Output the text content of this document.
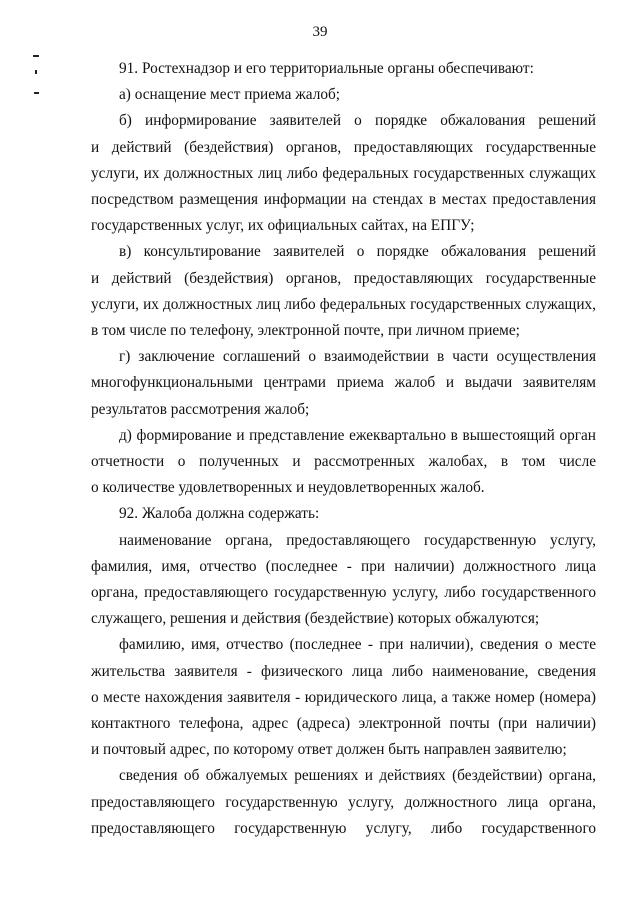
39

91. Ростехнадзор и его территориальные органы обеспечивают:

а) оснащение мест приема жалоб;

б) информирование заявителей о порядке обжалования решений

и действий (бездействия) органов, предоставляющих государственные

услуги, их должностных лиц либо федеральных государственных служащих

посредством размещения информации на стендах в местах предоставления

государственных услуг, их официальных сайтах, на ЕПГУ;

в) консультирование заявителей о порядке обжалования решений

и действий (бездействия) органов, предоставляющих государственные

услуги, их должностных лиц либо федеральных государственных служащих,

в том числе по телефону, электронной почте, при личном приеме;

г) заключение соглашений о взаимодействии в части осуществления

многофункциональными центрами приема жалоб и выдачи заявителям

результатов рассмотрения жалоб;

д) формирование и представление ежеквартально в вышестоящий орган

отчетности о полученных и рассмотренных жалобах, в том числе

о количестве удовлетворенных и неудовлетворенных жалоб.

92. Жалоба должна содержать:

наименование органа, предоставляющего государственную услугу,

фамилия, имя, отчество (последнее - при наличии) должностного лица

органа, предоставляющего государственную услугу, либо государственного

служащего, решения и действия (бездействие) которых обжалуются;

фамилию, имя, отчество (последнее - при наличии), сведения о месте

жительства заявителя - физического лица либо наименование, сведения

о месте нахождения заявителя - юридического лица, а также номер (номера)

контактного телефона, адрес (адреса) электронной почты (при наличии)

и почтовый адрес, по которому ответ должен быть направлен заявителю;

сведения об обжалуемых решениях и действиях (бездействии) органа,

предоставляющего государственную услугу, должностного лица органа,

предоставляющего государственную услугу, либо государственного
